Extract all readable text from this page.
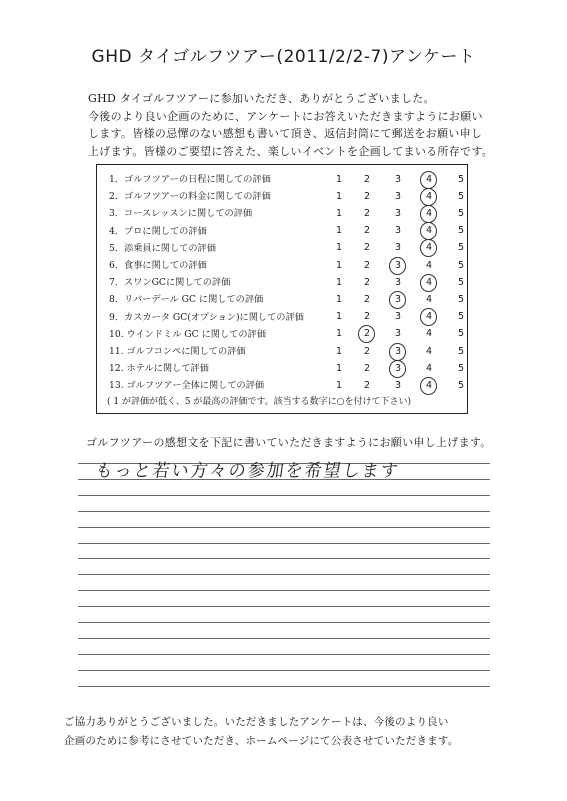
GHD タイゴルフツアー(2011/2/2-7)アンケート
GHD タイゴルフツアーに参加いただき、ありがとうございました。
今後のより良い企画のために、アンケートにお答えいただきますようにお願い
します。皆様の忌憚のない感想も書いて頂き、返信封筒にて郵送をお願い申し
上げます。皆様のご要望に答えた、楽しいイベントを企画してまいる所存です。
( 1 が評価が低く、5 が最高の評価です。該当する数字に○を付けて下さい)
1．ゴルフツアーの日程に関しての評価	1	2	3	4	5
2．ゴルフツアーの料金に関しての評価	1	2	3	4	5
3．コースレッスンに関しての評価	1	2	3	4	5
4．プロに関しての評価	1	2	3	4	5
5．添乗員に関しての評価	1	2	3	4	5
6．食事に関しての評価	1	2	3	4	5
7．スワンGCに関しての評価	1	2	3	4	5
8．リバーデール GC に関しての評価	1	2	3	4	5
9．カスカータ GC(オプション)に関しての評価	1	2	3	4	5
10. ウインドミル GC に関しての評価	1	2	3	4	5
11. ゴルフコンペに関しての評価	1	2	3	4	5
12. ホテルに関して評価	1	2	3	4	5
13. ゴルフツアー全体に関しての評価	1	2	3	4	5
ゴルフツアーの感想文を下記に書いていただきますようにお願い申し上げます。
もっと若い方々の参加を希望します
ご協力ありがとうございました。いただきましたアンケートは、今後のより良い
企画のために参考にさせていただき、ホームページにて公表させていただきます。
